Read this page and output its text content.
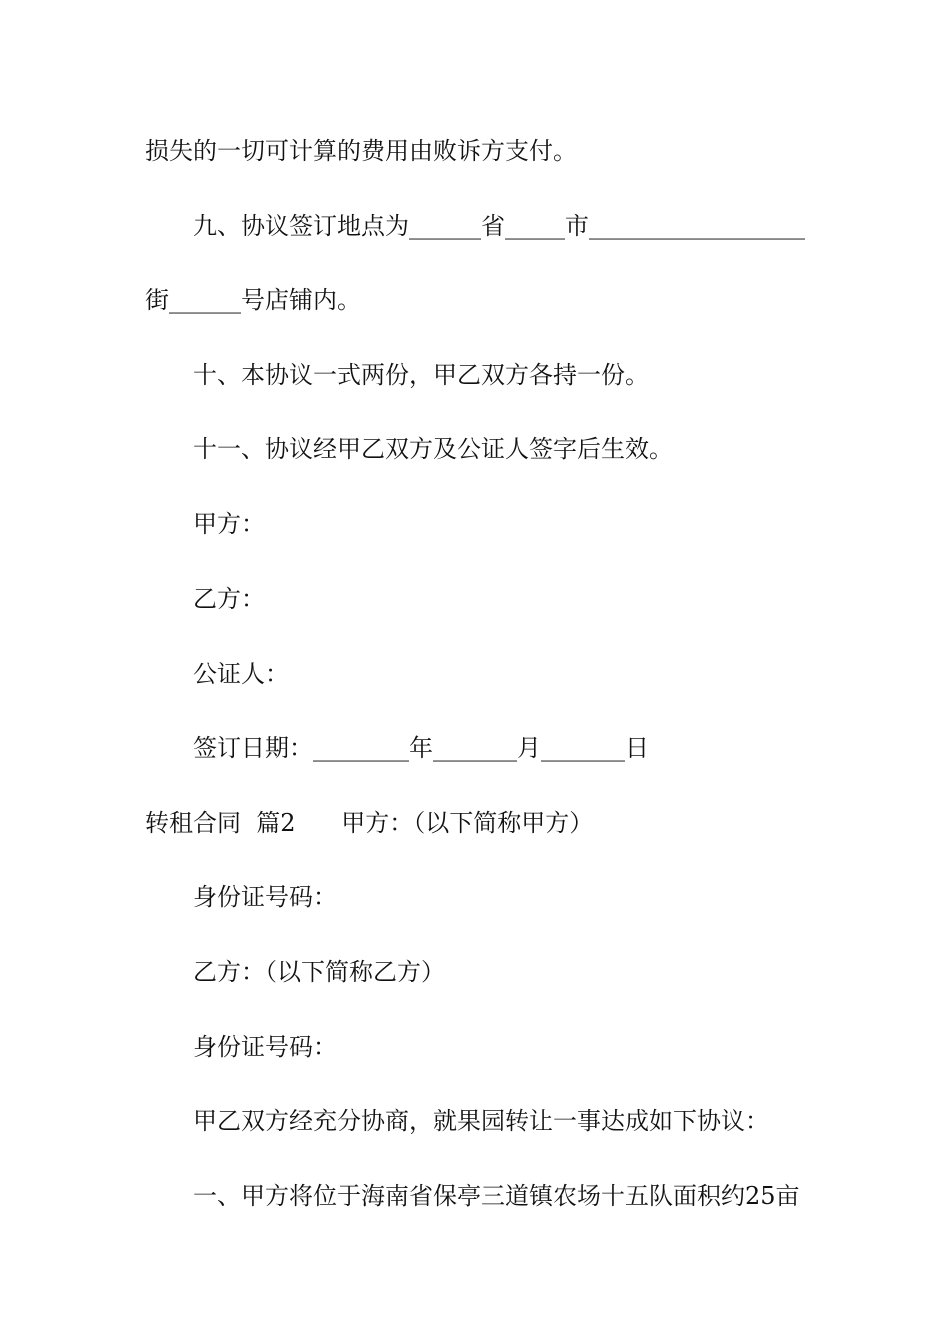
损失的一切可计算的费用由败诉方支付。
九、协议签订地点为______省_____市__________________
街______号店铺内。
十、本协议一式两份，甲乙双方各持一份。
十一、协议经甲乙双方及公证人签字后生效。
甲方：
乙方：
公证人：
签订日期：________年_______月_______日
转租合同  篇2      甲方：（以下简称甲方）
身份证号码：
乙方：（以下简称乙方）
身份证号码：
甲乙双方经充分协商，就果园转让一事达成如下协议：
一、甲方将位于海南省保亭三道镇农场十五队面积约25亩
